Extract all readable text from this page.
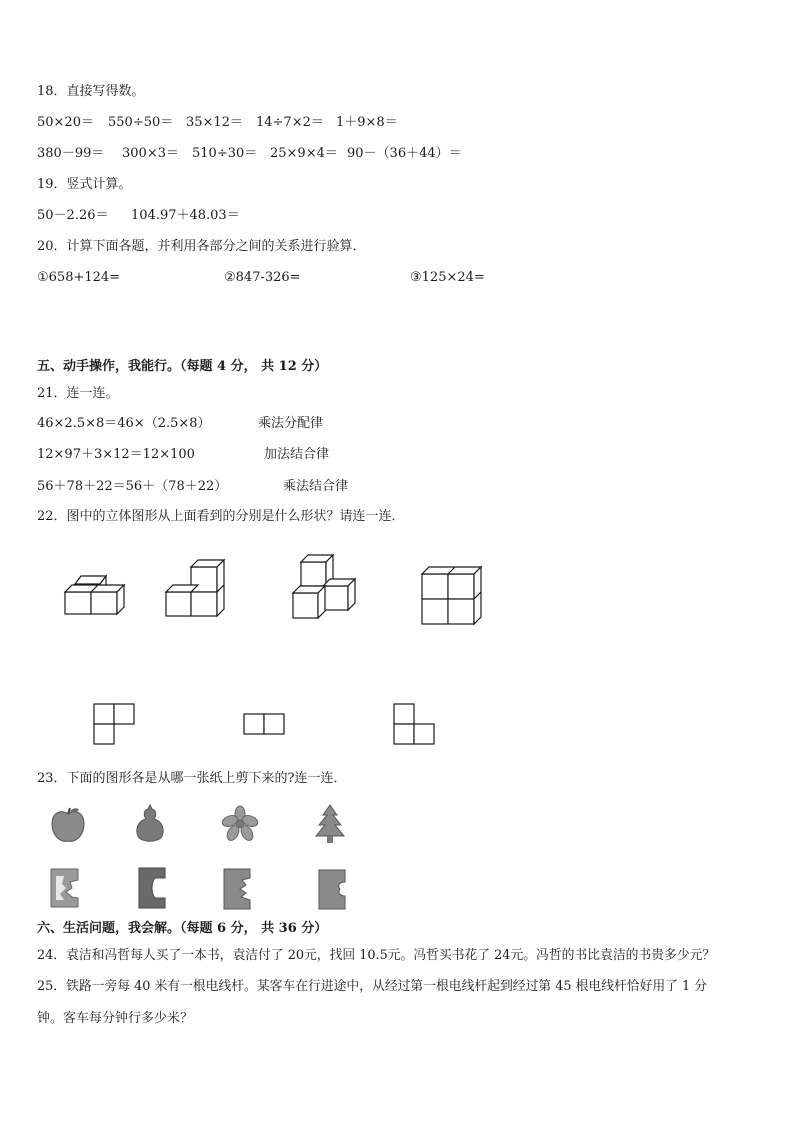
18．直接写得数。
50×20＝ 550÷50＝ 35×12＝ 14÷7×2＝ 1＋9×8＝
380－99＝ 300×3＝ 510÷30＝ 25×9×4＝ 90－（36＋44）＝
19．竖式计算。
50－2.26＝ 104.97＋48.03＝
20．计算下面各题，并利用各部分之间的关系进行验算．
①658+124=	②847-326=	③125×24=
五、动手操作，我能行。（每题 4 分， 共 12 分）
21．连一连。
46×2.5×8＝46×（2.5×8）	乘法分配律
12×97＋3×12＝12×100	加法结合律
56＋78＋22＝56＋（78＋22）	乘法结合律
22．图中的立体图形从上面看到的分别是什么形状？请连一连．
23．下面的图形各是从哪一张纸上剪下来的?连一连．
六、生活问题，我会解。（每题 6 分， 共 36 分）
24．袁洁和冯哲每人买了一本书，袁洁付了 20元，找回 10.5元。冯哲买书花了 24元。冯哲的书比袁洁的书贵多少元？
25．铁路一旁每 40 米有一根电线杆。某客车在行进途中，从经过第一根电线杆起到经过第 45 根电线杆恰好用了 1 分
钟。客车每分钟行多少米？
